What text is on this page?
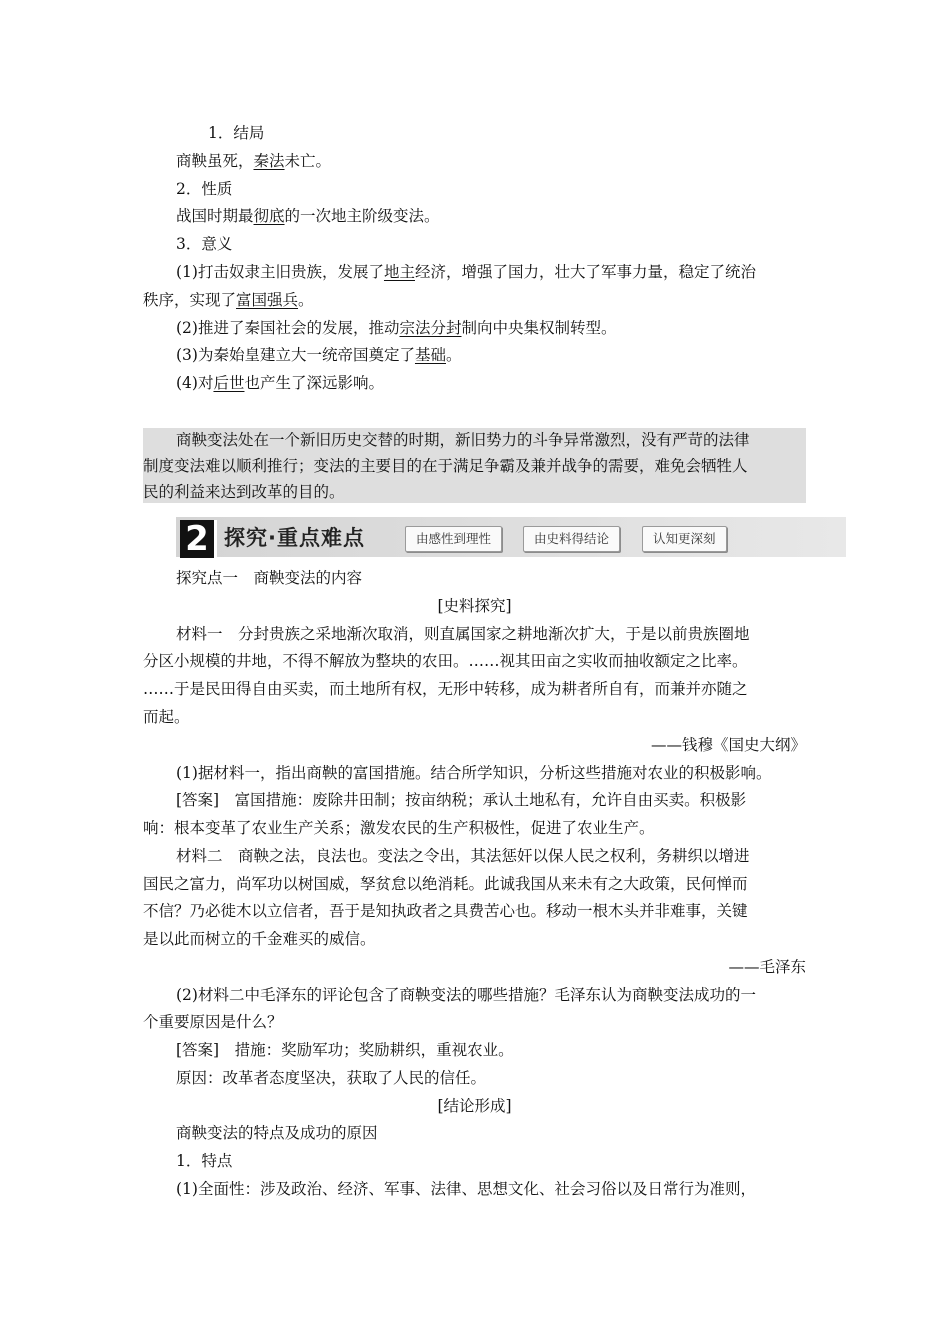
1．结局
商鞅虽死，秦法未亡。
2．性质
战国时期最彻底的一次地主阶级变法。
3．意义
(1)打击奴隶主旧贵族，发展了地主经济，增强了国力，壮大了军事力量，稳定了统治
秩序，实现了富国强兵。
(2)推进了秦国社会的发展，推动宗法分封制向中央集权制转型。
(3)为秦始皇建立大一统帝国奠定了基础。
(4)对后世也产生了深远影响。
商鞅变法处在一个新旧历史交替的时期，新旧势力的斗争异常激烈，没有严苛的法律
制度变法难以顺利推行；变法的主要目的在于满足争霸及兼并战争的需要，难免会牺牲人
民的利益来达到改革的目的。
2 探究·重点难点	由感性到理性	由史料得结论	认知更深刻
探究点一　商鞅变法的内容
[史料探究]
材料一　分封贵族之采地渐次取消，则直属国家之耕地渐次扩大，于是以前贵族圈地
分区小规模的井地，不得不解放为整块的农田。……视其田亩之实收而抽收额定之比率。
……于是民田得自由买卖，而土地所有权，无形中转移，成为耕者所自有，而兼并亦随之
而起。
——钱穆《国史大纲》
(1)据材料一，指出商鞅的富国措施。结合所学知识，分析这些措施对农业的积极影响。
[答案]　富国措施：废除井田制；按亩纳税；承认土地私有，允许自由买卖。积极影
响：根本变革了农业生产关系；激发农民的生产积极性，促进了农业生产。
材料二　商鞅之法，良法也。变法之令出，其法惩奸以保人民之权利，务耕织以增进
国民之富力，尚军功以树国威，孥贫怠以绝消耗。此诚我国从来未有之大政策，民何惮而
不信？乃必徙木以立信者，吾于是知执政者之具费苦心也。移动一根木头并非难事，关键
是以此而树立的千金难买的威信。
——毛泽东
(2)材料二中毛泽东的评论包含了商鞅变法的哪些措施？毛泽东认为商鞅变法成功的一
个重要原因是什么？
[答案]　措施：奖励军功；奖励耕织，重视农业。
原因：改革者态度坚决，获取了人民的信任。
[结论形成]
商鞅变法的特点及成功的原因
1．特点
(1)全面性：涉及政治、经济、军事、法律、思想文化、社会习俗以及日常行为准则，
